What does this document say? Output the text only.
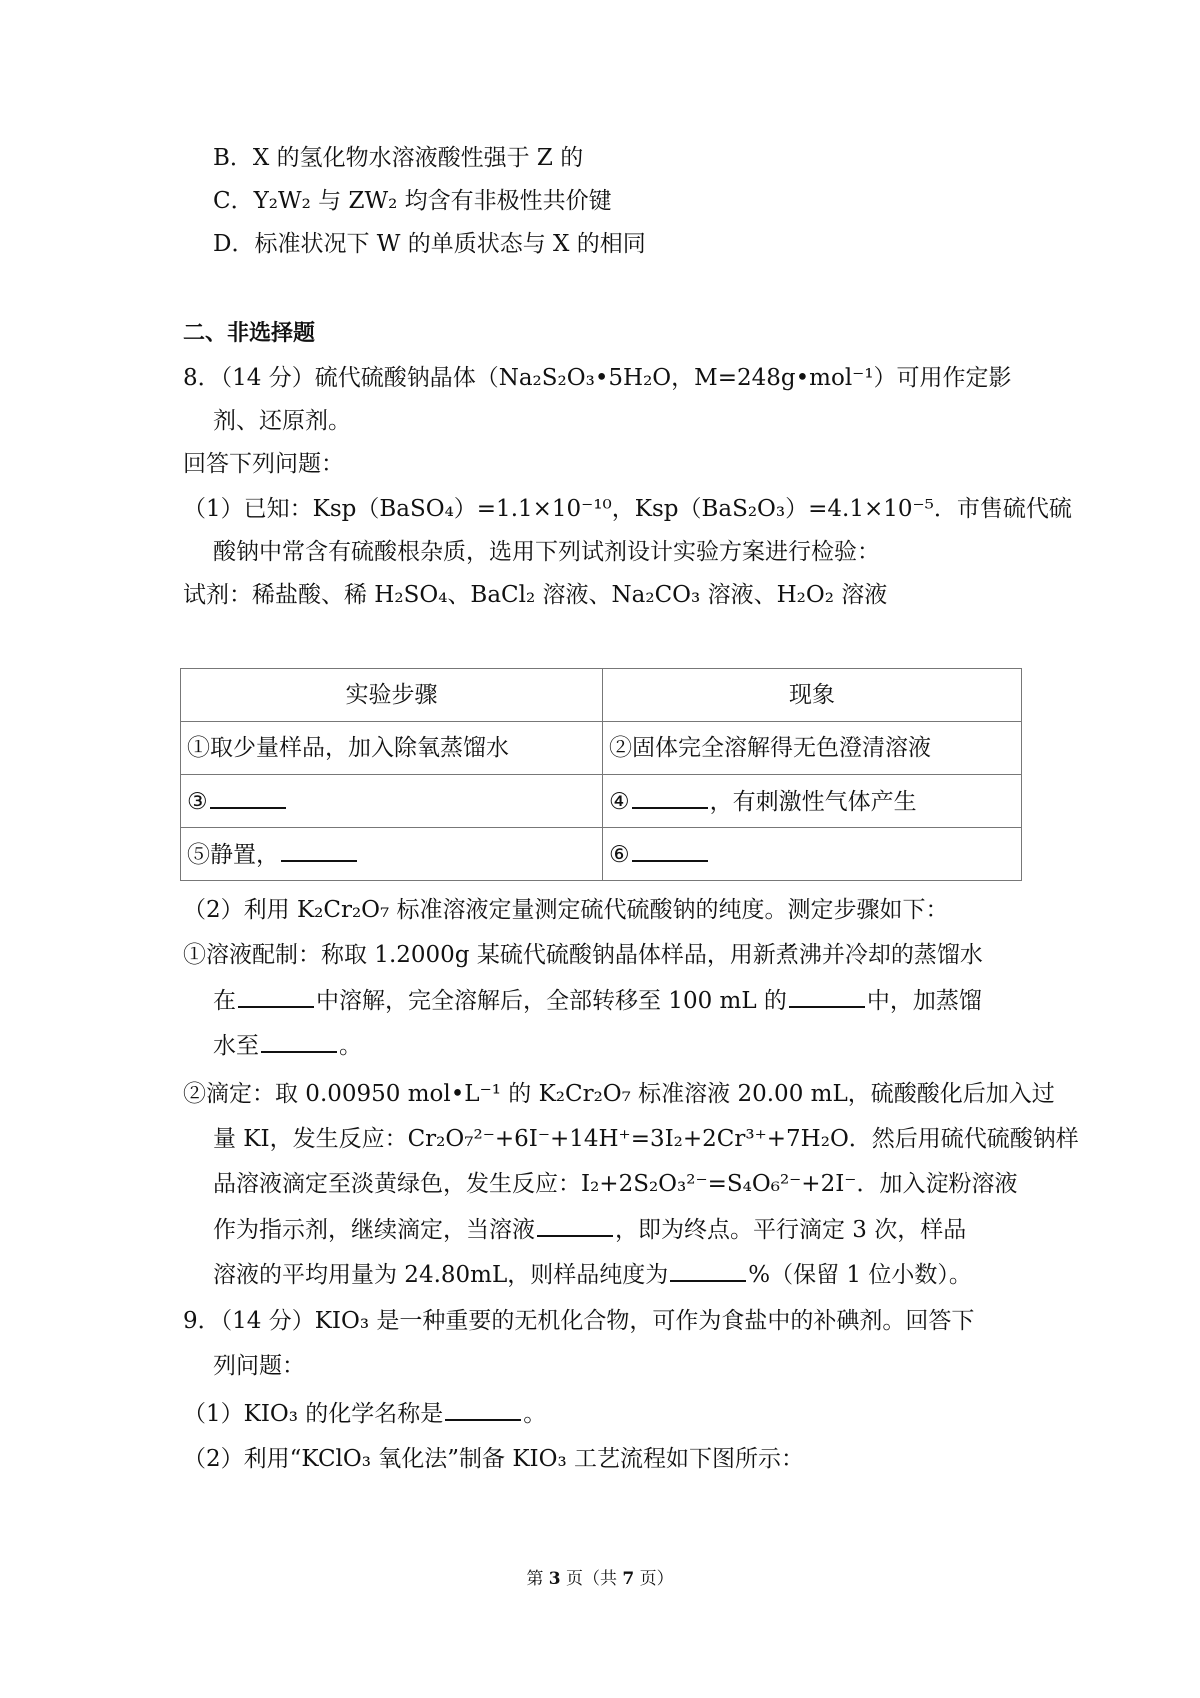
B．X 的氢化物水溶液酸性强于 Z 的
C．Y₂W₂ 与 ZW₂ 均含有非极性共价键
D．标准状况下 W 的单质状态与 X 的相同
二、非选择题
8．（14 分）硫代硫酸钠晶体（Na₂S₂O₃•5H₂O，M=248g•mol⁻¹）可用作定影
剂、还原剂。
回答下列问题：
（1）已知：Ksp（BaSO₄）=1.1×10⁻¹⁰，Ksp（BaS₂O₃）=4.1×10⁻⁵．市售硫代硫
酸钠中常含有硫酸根杂质，选用下列试剂设计实验方案进行检验：
试剂：稀盐酸、稀 H₂SO₄、BaCl₂ 溶液、Na₂CO₃ 溶液、H₂O₂ 溶液
实验步骤	现象
①取少量样品，加入除氧蒸馏水	②固体完全溶解得无色澄清溶液
③	④ ，有刺激性气体产生
⑤静置，	⑥
（2）利用 K₂Cr₂O₇ 标准溶液定量测定硫代硫酸钠的纯度。测定步骤如下：
①溶液配制：称取 1.2000g 某硫代硫酸钠晶体样品，用新煮沸并冷却的蒸馏水
在	中溶解，完全溶解后，全部转移至 100 mL 的	中，加蒸馏
水至	。
②滴定：取 0.00950 mol•L⁻¹ 的 K₂Cr₂O₇ 标准溶液 20.00 mL，硫酸酸化后加入过
量 KI，发生反应：Cr₂O₇²⁻+6I⁻+14H⁺=3I₂+2Cr³⁺+7H₂O．然后用硫代硫酸钠样
品溶液滴定至淡黄绿色，发生反应：I₂+2S₂O₃²⁻=S₄O₆²⁻+2I⁻．加入淀粉溶液
作为指示剂，继续滴定，当溶液	，即为终点。平行滴定 3 次，样品
溶液的平均用量为 24.80mL，则样品纯度为	%（保留 1 位小数）。
9．（14 分）KIO₃ 是一种重要的无机化合物，可作为食盐中的补碘剂。回答下
列问题：
（1）KIO₃ 的化学名称是	。
（2）利用“KClO₃ 氧化法”制备 KIO₃ 工艺流程如下图所示：
第 3 页（共 7 页）
